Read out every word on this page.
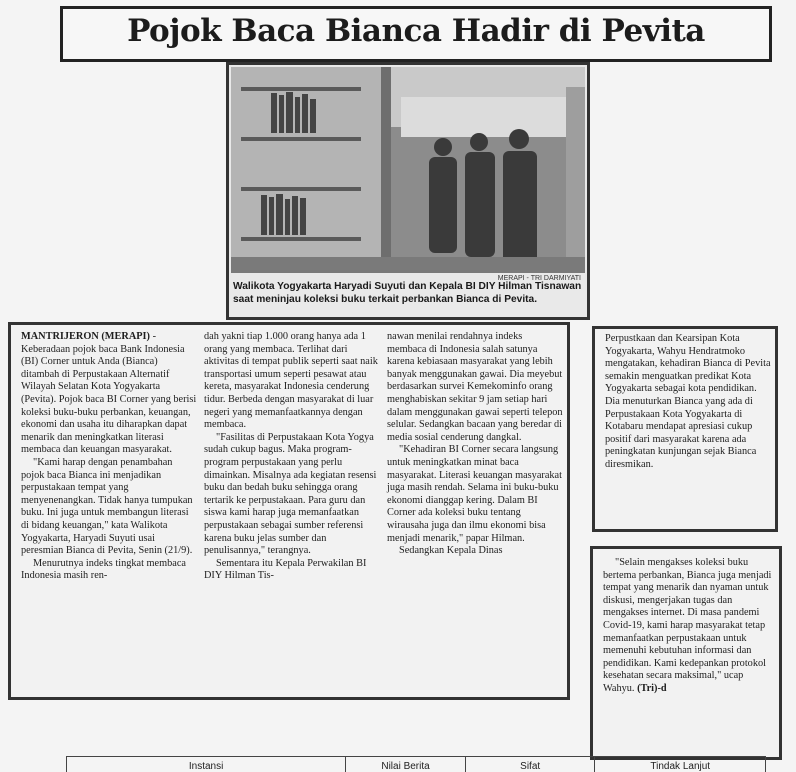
Pojok Baca Bianca Hadir di Pevita
MERAPI - TRI DARMIYATI
Walikota Yogyakarta Haryadi Suyuti dan Kepala BI DIY Hilman Tisnawan saat meninjau koleksi buku terkait perbankan Bianca di Pevita.

MANTRIJERON (MERAPI) - Keberadaan pojok baca Bank Indonesia (BI) Corner untuk Anda (Bianca) ditambah di Perpustakaan Alternatif Wilayah Selatan Kota Yogyakarta (Pevita). Pojok baca BI Corner yang berisi koleksi buku-buku perbankan, keuangan, ekonomi dan usaha itu diharapkan dapat menarik dan meningkatkan literasi membaca dan keuangan masyarakat.

"Kami harap dengan penambahan pojok baca Bianca ini menjadikan perpustakaan tempat yang menyenenangkan. Tidak hanya tumpukan buku. Ini juga untuk membangun literasi di bidang keuangan," kata Walikota Yogyakarta, Haryadi Suyuti usai peresmian Bianca di Pevita, Senin (21/9).

Menurutnya indeks tingkat membaca Indonesia masih ren-

dah yakni tiap 1.000 orang hanya ada 1 orang yang membaca. Terlihat dari aktivitas di tempat publik seperti saat naik transportasi umum seperti pesawat atau kereta, masyarakat Indonesia cenderung tidur. Berbeda dengan masyarakat di luar negeri yang memanfaatkannya dengan membaca.

"Fasilitas di Perpustakaan Kota Yogya sudah cukup bagus. Maka program-program perpustakaan yang perlu dimainkan. Misalnya ada kegiatan resensi buku dan bedah buku sehingga orang tertarik ke perpustakaan. Para guru dan siswa kami harap juga memanfaatkan perpustakaan sebagai sumber referensi karena buku jelas sumber dan penulisannya," terangnya.

Sementara itu Kepala Perwakilan BI DIY Hilman Tis-

nawan menilai rendahnya indeks membaca di Indonesia salah satunya karena kebiasaan masyarakat yang lebih banyak menggunakan gawai. Dia meyebut berdasarkan survei Kemekominfo orang menghabiskan sekitar 9 jam setiap hari dalam menggunakan gawai seperti telepon selular. Sedangkan bacaan yang beredar di media sosial cenderung dangkal.

"Kehadiran BI Corner secara langsung untuk meningkatkan minat baca masyarakat. Literasi keuangan masyarakat juga masih rendah. Selama ini buku-buku ekonomi dianggap kering. Dalam BI Corner ada koleksi buku tentang wirausaha juga dan ilmu ekonomi bisa menjadi menarik," papar Hilman.

Sedangkan Kepala Dinas

Perpustkaan dan Kearsipan Kota Yogyakarta, Wahyu Hendratmoko mengatakan, kehadiran Bianca di Pevita semakin menguatkan predikat Kota Yogyakarta sebagai kota pendidikan. Dia menuturkan Bianca yang ada di Perpustakaan Kota Yogyakarta di Kotabaru mendapat apresiasi cukup positif dari masyarakat karena ada peningkatan kunjungan sejak Bianca diresmikan.

"Selain mengakses koleksi buku bertema perbankan, Bianca juga menjadi tempat yang menarik dan nyaman untuk diskusi, mengerjakan tugas dan mengakses internet. Di masa pandemi Covid-19, kami harap masyarakat tetap memanfaatkan perpustakaan untuk memenuhi kebutuhan informasi dan pendidikan. Kami kedepankan protokol kesehatan secara maksimal," ucap Wahyu. (Tri)-d

Instansi	Nilai Berita	Sifat	Tindak Lanjut
